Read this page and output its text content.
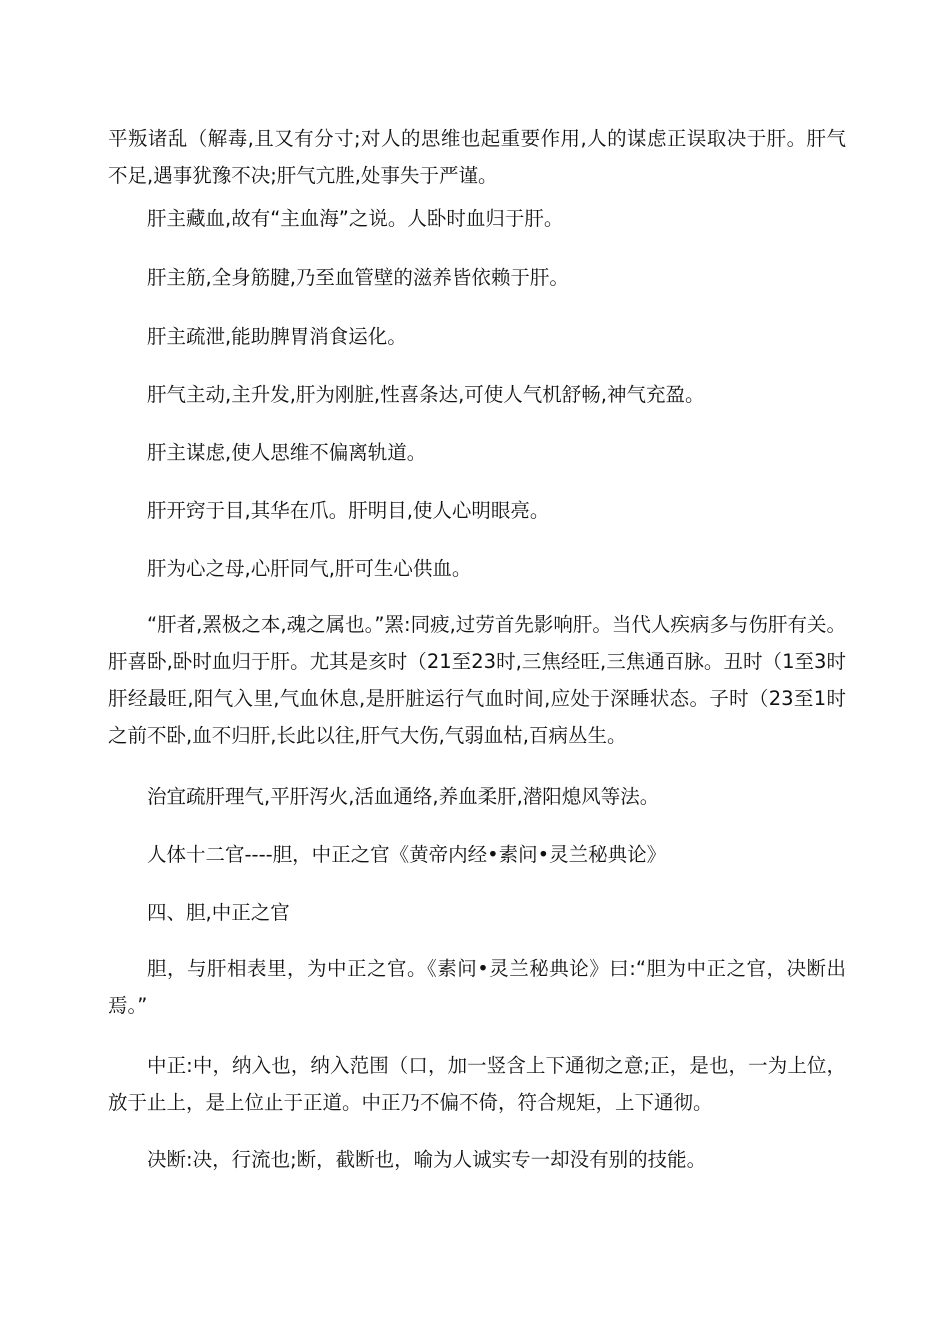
平叛诸乱（解毒,且又有分寸;对人的思维也起重要作用,人的谋虑正误取决于肝。肝气不足,遇事犹豫不决;肝气亢胜,处事失于严谨。

肝主藏血,故有“主血海”之说。人卧时血归于肝。

肝主筋,全身筋腱,乃至血管壁的滋养皆依赖于肝。

肝主疏泄,能助脾胃消食运化。

肝气主动,主升发,肝为刚脏,性喜条达,可使人气机舒畅,神气充盈。

肝主谋虑,使人思维不偏离轨道。

肝开窍于目,其华在爪。肝明目,使人心明眼亮。

肝为心之母,心肝同气,肝可生心供血。

“肝者,罴极之本,魂之属也。”罴:同疲,过劳首先影响肝。当代人疾病多与伤肝有关。肝喜卧,卧时血归于肝。尤其是亥时（21至23时,三焦经旺,三焦通百脉。丑时（1至3时肝经最旺,阳气入里,气血休息,是肝脏运行气血时间,应处于深睡状态。子时（23至1时之前不卧,血不归肝,长此以往,肝气大伤,气弱血枯,百病丛生。

治宜疏肝理气,平肝泻火,活血通络,养血柔肝,潜阳熄风等法。

人体十二官----胆，中正之官《黄帝内经•素问•灵兰秘典论》

四、胆,中正之官

胆，与肝相表里，为中正之官。《素问•灵兰秘典论》曰:“胆为中正之官，决断出焉。”

中正:中，纳入也，纳入范围（口，加一竖含上下通彻之意;正，是也，一为上位，放于止上，是上位止于正道。中正乃不偏不倚，符合规矩，上下通彻。

决断:决，行流也;断，截断也，喻为人诚实专一却没有别的技能。
